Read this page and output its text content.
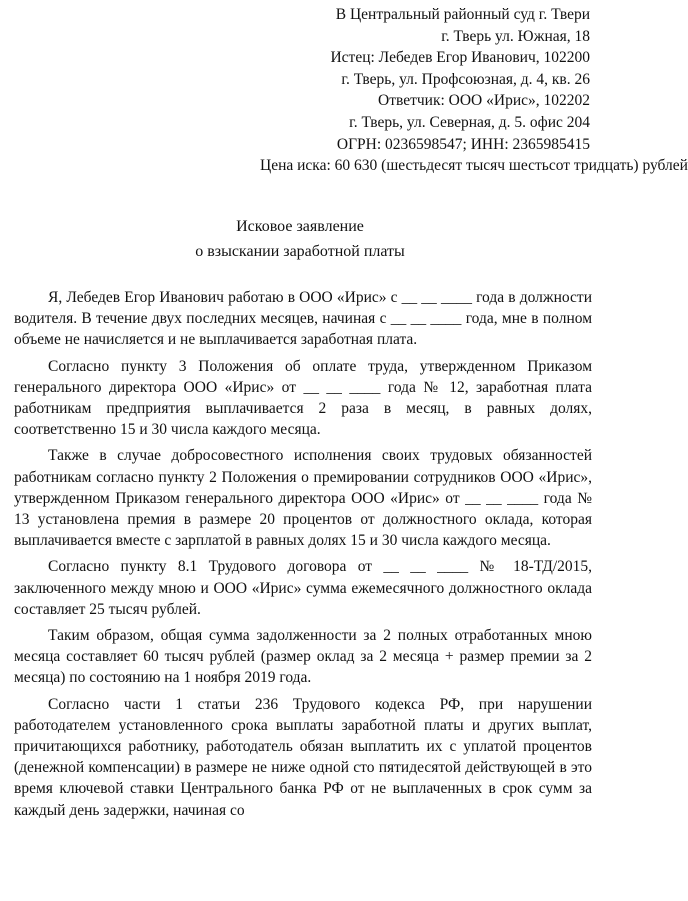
В Центральный районный суд г. Твери
г. Тверь ул. Южная, 18
Истец: Лебедев Егор Иванович, 102200
г. Тверь, ул. Профсоюзная, д. 4, кв. 26
Ответчик: ООО «Ирис», 102202
г. Тверь, ул. Северная, д. 5. офис 204
ОГРН: 0236598547; ИНН: 2365985415
Цена иска: 60 630 (шестьдесят тысяч шестьсот тридцать) рублей
Исковое заявление
о взыскании заработной платы

Я, Лебедев Егор Иванович работаю в ООО «Ирис» с __ __ ____ года в должности водителя. В течение двух последних месяцев, начиная с __ __ ____ года, мне в полном объеме не начисляется и не выплачивается заработная плата.

Согласно пункту 3 Положения об оплате труда, утвержденном Приказом генерального директора ООО «Ирис» от __ __ ____ года № 12, заработная плата работникам предприятия выплачивается 2 раза в месяц, в равных долях, соответственно 15 и 30 числа каждого месяца.

Также в случае добросовестного исполнения своих трудовых обязанностей работникам согласно пункту 2 Положения о премировании сотрудников ООО «Ирис», утвержденном Приказом генерального директора ООО «Ирис» от __ __ ____ года № 13 установлена премия в размере 20 процентов от должностного оклада, которая выплачивается вместе с зарплатой в равных долях 15 и 30 числа каждого месяца.

Согласно пункту 8.1 Трудового договора от __ __ ____ № 18-ТД/2015, заключенного между мною и ООО «Ирис» сумма ежемесячного должностного оклада составляет 25 тысяч рублей.

Таким образом, общая сумма задолженности за 2 полных отработанных мною месяца составляет 60 тысяч рублей (размер оклад за 2 месяца + размер премии за 2 месяца) по состоянию на 1 ноября 2019 года.

Согласно части 1 статьи 236 Трудового кодекса РФ, при нарушении работодателем установленного срока выплаты заработной платы и других выплат, причитающихся работнику, работодатель обязан выплатить их с уплатой процентов (денежной компенсации) в размере не ниже одной сто пятидесятой действующей в это время ключевой ставки Центрального банка РФ от не выплаченных в срок сумм за каждый день задержки, начиная со
